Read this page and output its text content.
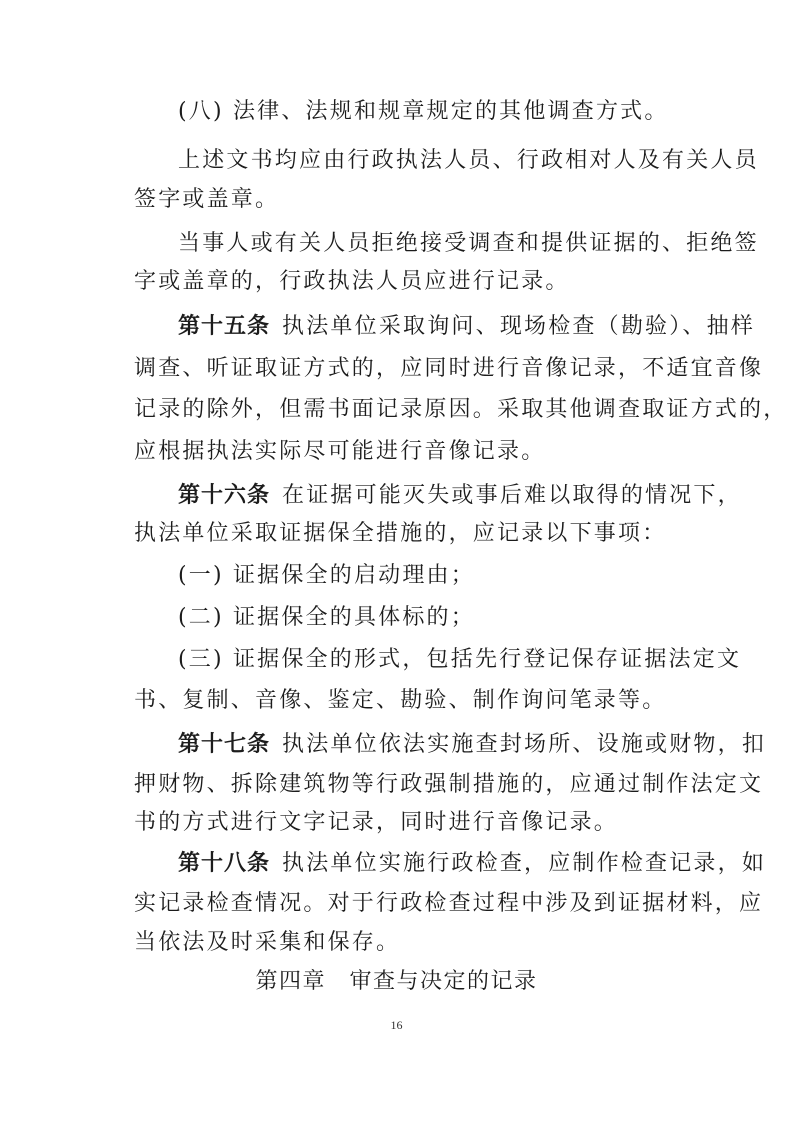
(八) 法律、法规和规章规定的其他调查方式。
上述文书均应由行政执法人员、行政相对人及有关人员
签字或盖章。
当事人或有关人员拒绝接受调查和提供证据的、拒绝签
字或盖章的，行政执法人员应进行记录。
第十五条 执法单位采取询问、现场检查（勘验）、抽样
调查、听证取证方式的，应同时进行音像记录，不适宜音像
记录的除外，但需书面记录原因。采取其他调查取证方式的，
应根据执法实际尽可能进行音像记录。
第十六条 在证据可能灭失或事后难以取得的情况下，
执法单位采取证据保全措施的，应记录以下事项：
(一) 证据保全的启动理由；
(二) 证据保全的具体标的；
(三) 证据保全的形式，包括先行登记保存证据法定文
书、复制、音像、鉴定、勘验、制作询问笔录等。
第十七条 执法单位依法实施查封场所、设施或财物，扣
押财物、拆除建筑物等行政强制措施的，应通过制作法定文
书的方式进行文字记录，同时进行音像记录。
第十八条 执法单位实施行政检查，应制作检查记录，如
实记录检查情况。对于行政检查过程中涉及到证据材料，应
当依法及时采集和保存。
第四章　审查与决定的记录
16
